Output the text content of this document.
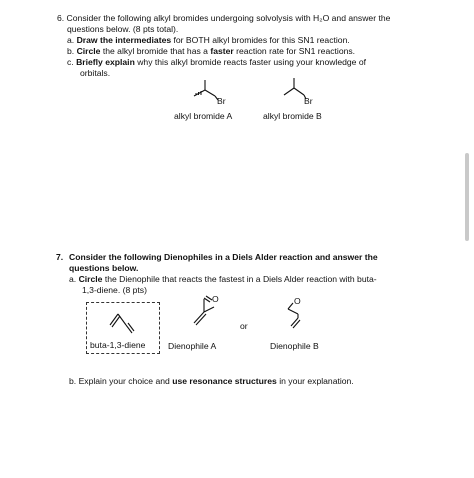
6. Consider the following alkyl bromides undergoing solvolysis with H₂O and answer the
questions below. (8 pts total).
a. Draw the intermediates for BOTH alkyl bromides for this SN1 reaction.
b. Circle the alkyl bromide that has a faster reaction rate for SN1 reactions.
c. Briefly explain why this alkyl bromide reacts faster using your knowledge of
orbitals.
Br
alkyl bromide A
Br
alkyl bromide B
7. Consider the following Dienophiles in a Diels Alder reaction and answer the
questions below.
a. Circle the Dienophile that reacts the fastest in a Diels Alder reaction with buta-
1,3-diene. (8 pts)
buta-1,3-diene
O
Dienophile A
or
O
Dienophile B
b. Explain your choice and use resonance structures in your explanation.
